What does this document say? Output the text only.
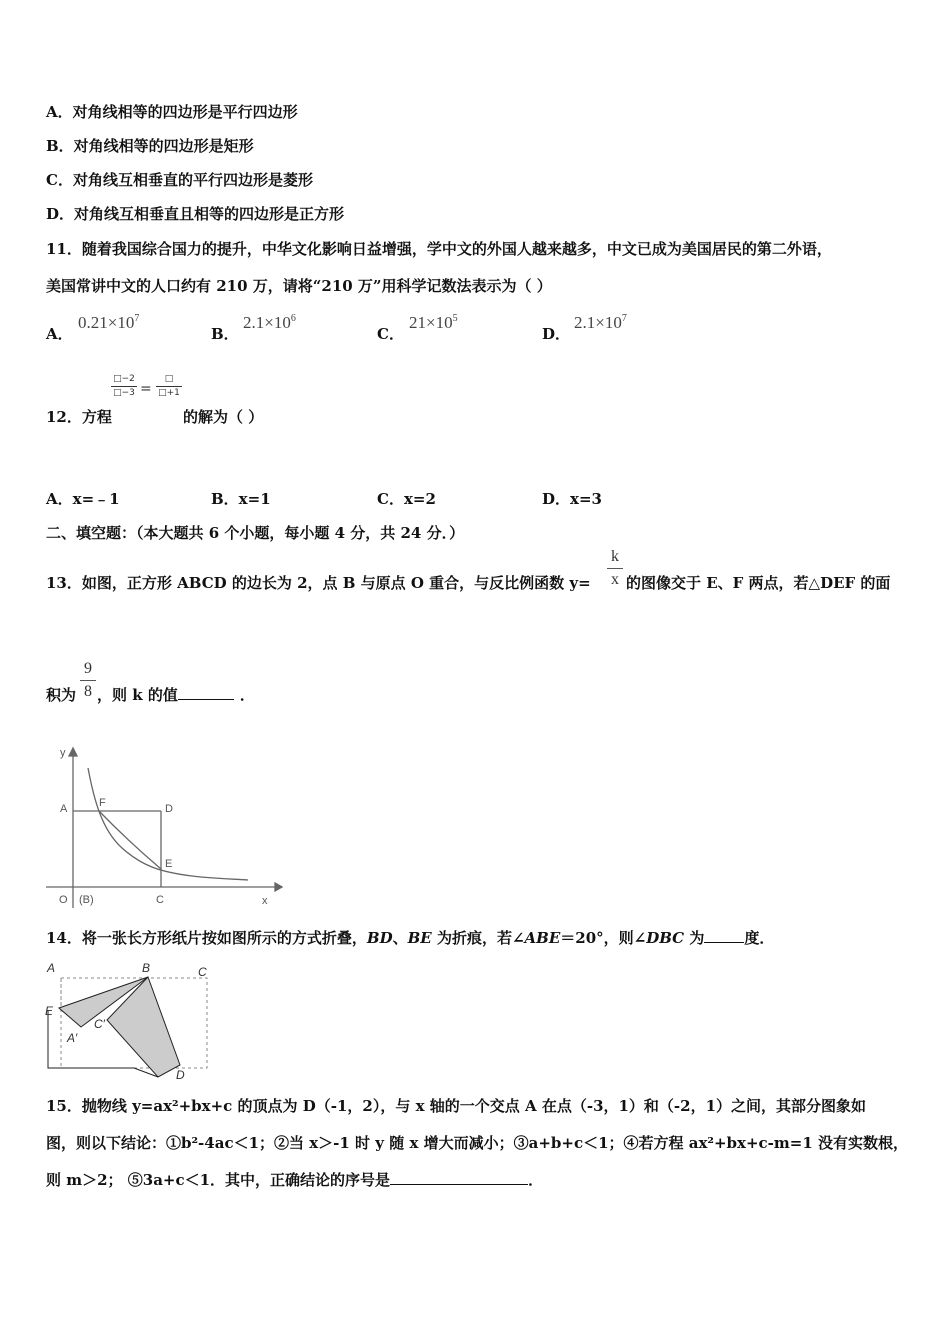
A．对角线相等的四边形是平行四边形
B．对角线相等的四边形是矩形
C．对角线互相垂直的平行四边形是菱形
D．对角线互相垂直且相等的四边形是正方形
11．随着我国综合国力的提升，中华文化影响日益增强，学中文的外国人越来越多，中文已成为美国居民的第二外语，
美国常讲中文的人口约有 210 万，请将“210 万”用科学记数法表示为（ ）
A．
$0.21\times 10^7$
B．
$2.1\times 10^6$
C．
$21\times 10^5$
D．
$2.1\times 10^7$
12．方程
□−2
□−3 =
□
□+1
的解为（ ）
A．x=﹣1	B．x=1	C．x=2	D．x=3
二、填空题：（本大题共 6 个小题，每小题 4 分，共 24 分．）
13．如图，正方形 ABCD 的边长为 2，点 B 与原点 O 重合，与反比例函数 y=
k
x 的图像交于 E、F 两点，若△DEF 的面
积为
9
8 ，则 k 的值	．
y
x
A	F	D
E
O (B)	C
14．将一张长方形纸片按如图所示的方式折叠，BD、BE 为折痕，若∠ABE＝20°，则∠DBC 为	度．
A	B	C
E
C′
A′
D
15．抛物线 y=ax²+bx+c 的顶点为 D（-1，2），与 x 轴的一个交点 A 在点（-3，1）和（-2，1）之间，其部分图象如
图，则以下结论：①b²-4ac＜1；②当 x＞-1 时 y 随 x 增大而减小；③a+b+c＜1；④若方程 ax²+bx+c-m=1 没有实数根，
则 m＞2； ⑤3a+c＜1．其中，正确结论的序号是	．
